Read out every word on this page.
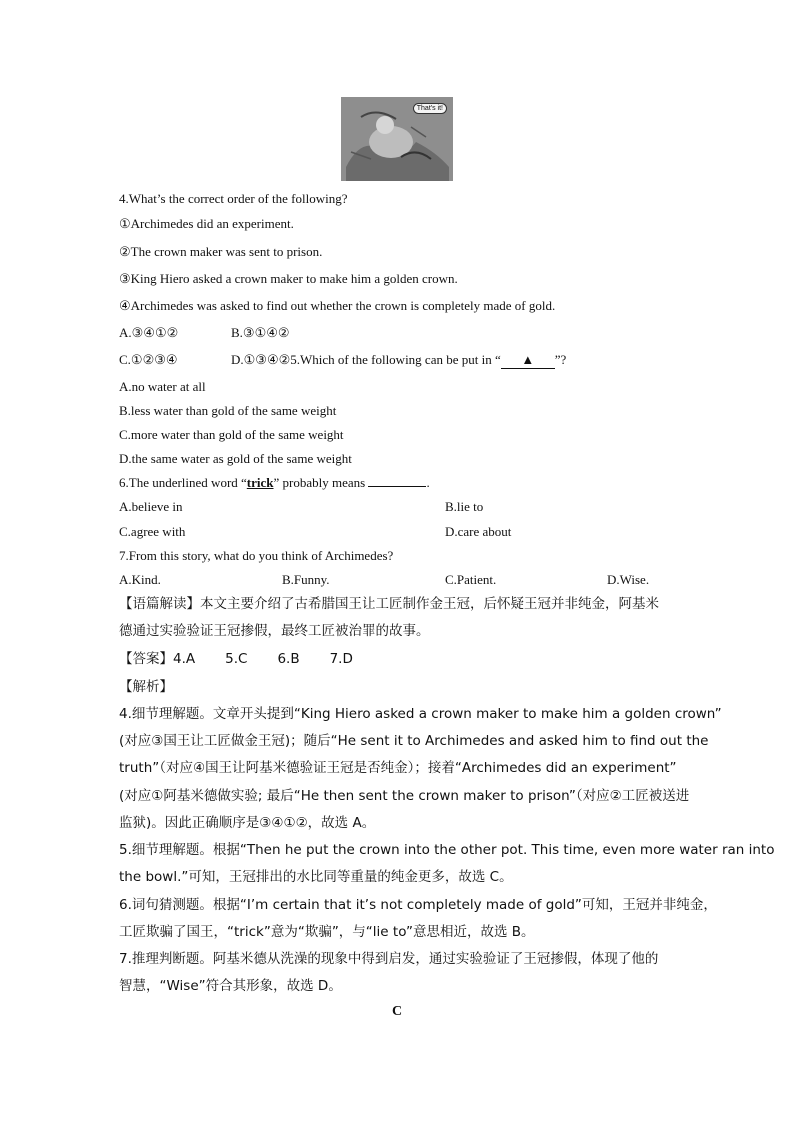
That's it!
4.What’s the correct order of the following?
①Archimedes did an experiment.
②The crown maker was sent to prison.
③King Hiero asked a crown maker to make him a golden crown.
④Archimedes was asked to find out whether the crown is completely made of gold.
A.③④①②	B.③①④②
C.①②③④	D.①③④②5.Which of the following can be put in “ ▲ ”?
A.no water at all
B.less water than gold of the same weight
C.more water than gold of the same weight
D.the same water as gold of the same weight
6.The underlined word “trick” probably means	.
A.believe in	B.lie to
C.agree with	D.care about
7.From this story, what do you think of Archimedes?
A.Kind.	B.Funny.	C.Patient.	D.Wise.
【语篇解读】本文主要介绍了古希腊国王让工匠制作金王冠，后怀疑王冠并非纯金，阿基米
德通过实验验证王冠掺假，最终工匠被治罪的故事。
【答案】4.A 5.C 6.B 7.D
【解析】
4.细节理解题。文章开头提到“King Hiero asked a crown maker to make him a golden crown”
(对应③国王让工匠做金王冠)；随后“He sent it to Archimedes and asked him to find out the
truth”（对应④国王让阿基米德验证王冠是否纯金）；接着“Archimedes did an experiment”
(对应①阿基米德做实验; 最后“He then sent the crown maker to prison”（对应②工匠被送进
监狱)。因此正确顺序是③④①②，故选 A。
5.细节理解题。根据“Then he put the crown into the other pot. This time, even more water ran into
the bowl.”可知，王冠排出的水比同等重量的纯金更多，故选 C。
6.词句猜测题。根据“I’m certain that it’s not completely made of gold”可知，王冠并非纯金，
工匠欺骗了国王，“trick”意为“欺骗”，与“lie to”意思相近，故选 B。
7.推理判断题。阿基米德从洗澡的现象中得到启发，通过实验验证了王冠掺假，体现了他的
智慧，“Wise”符合其形象，故选 D。
C
